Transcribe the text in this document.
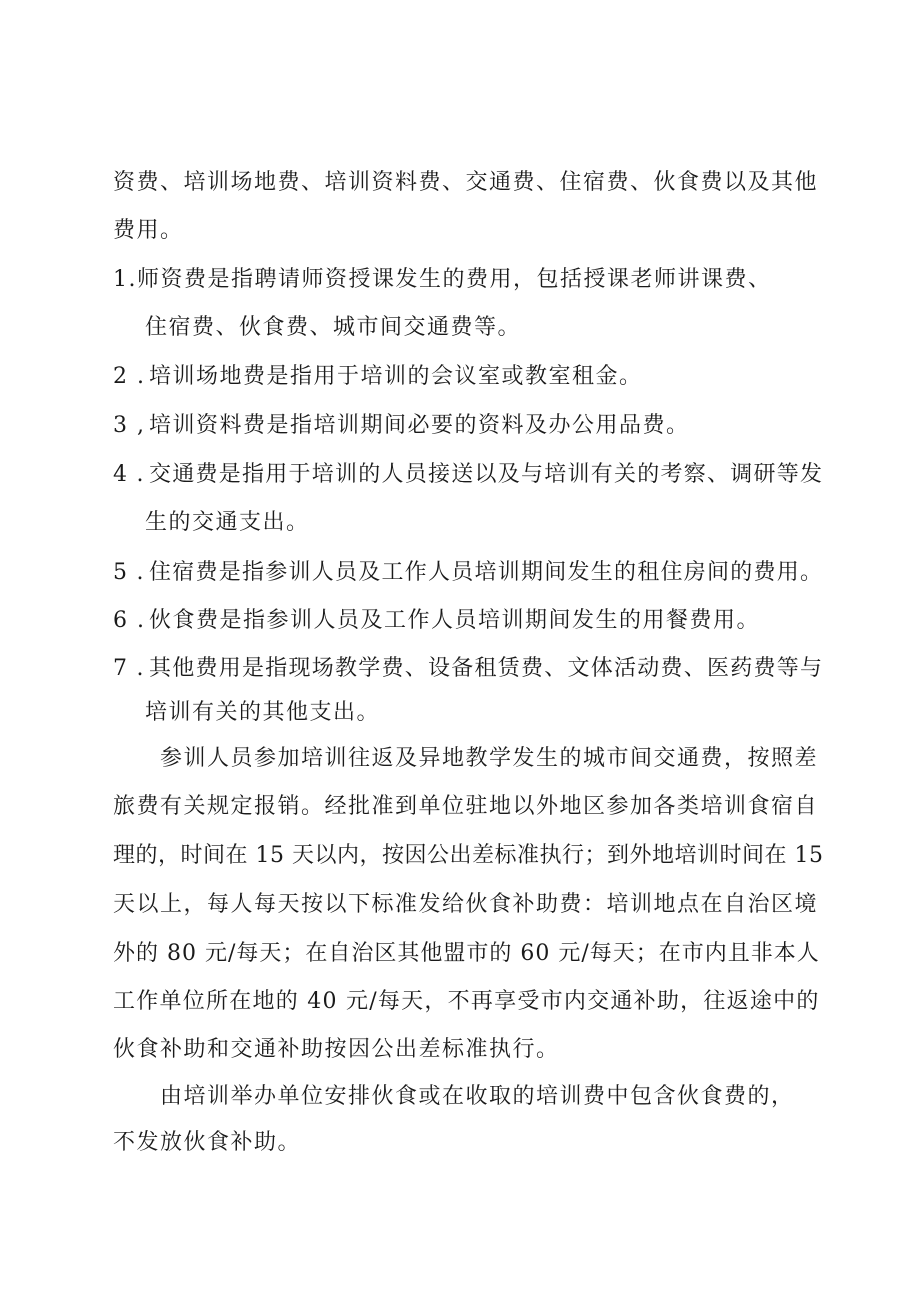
资费、培训场地费、培训资料费、交通费、住宿费、伙食费以及其他
费用。
1.师资费是指聘请师资授课发生的费用，包括授课老师讲课费、
住宿费、伙食费、城市间交通费等。
2 . 培训场地费是指用于培训的会议室或教室租金。
3 , 培训资料费是指培训期间必要的资料及办公用品费。
4 . 交通费是指用于培训的人员接送以及与培训有关的考察、调研等发
生的交通支出。
5 . 住宿费是指参训人员及工作人员培训期间发生的租住房间的费用。
6 . 伙食费是指参训人员及工作人员培训期间发生的用餐费用。
7 . 其他费用是指现场教学费、设备租赁费、文体活动费、医药费等与
培训有关的其他支出。
参训人员参加培训往返及异地教学发生的城市间交通费，按照差
旅费有关规定报销。经批准到单位驻地以外地区参加各类培训食宿自
理的，时间在 15 天以内，按因公出差标准执行；到外地培训时间在 15
天以上，每人每天按以下标准发给伙食补助费：培训地点在自治区境
外的 80 元/每天；在自治区其他盟市的 60 元/每天；在市内且非本人
工作单位所在地的 40 元/每天，不再享受市内交通补助，往返途中的
伙食补助和交通补助按因公出差标准执行。
由培训举办单位安排伙食或在收取的培训费中包含伙食费的，
不发放伙食补助。
